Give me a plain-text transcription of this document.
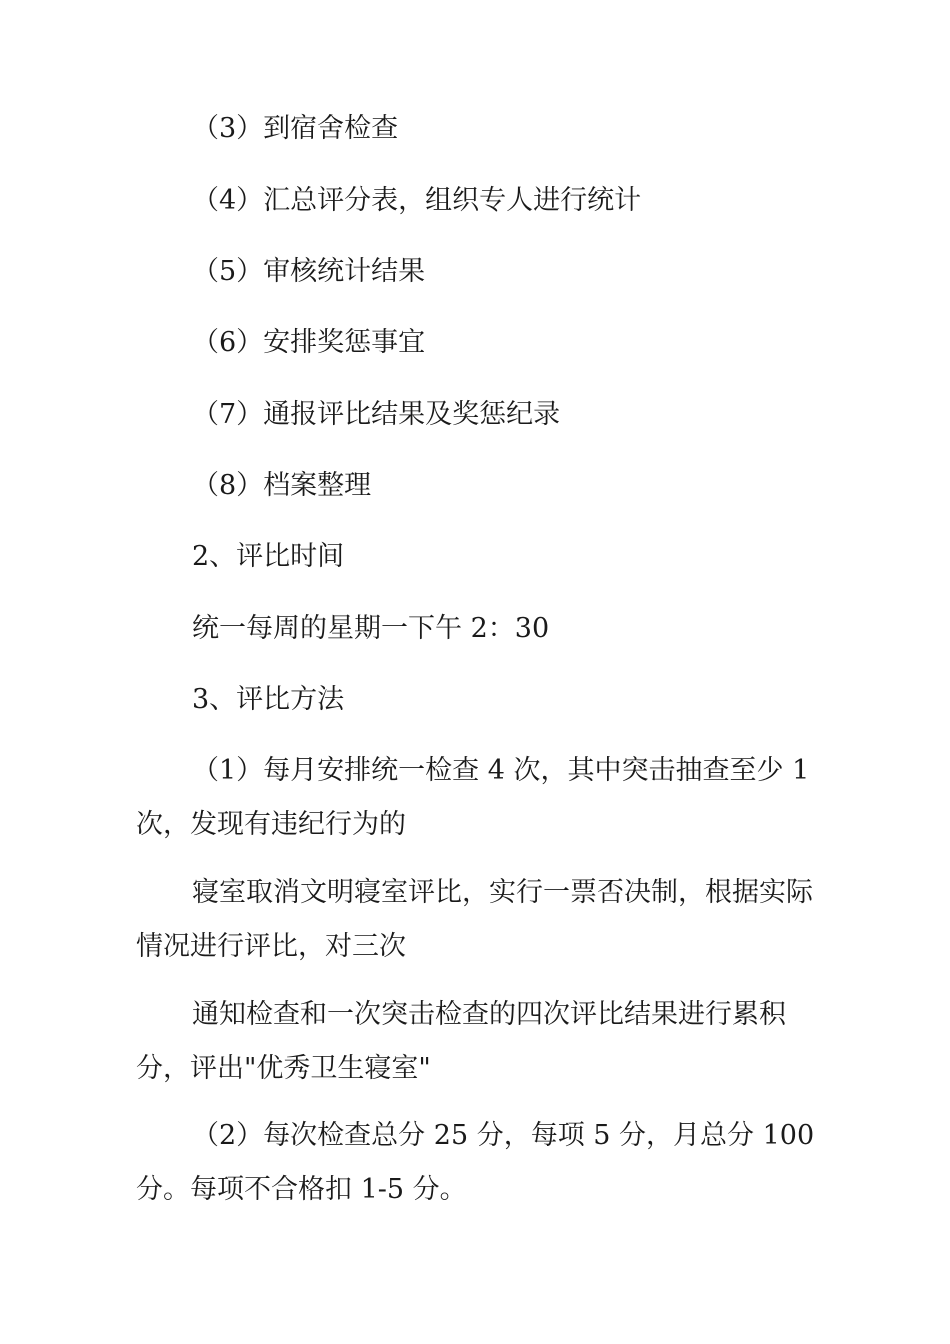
（3）到宿舍检查

（4）汇总评分表，组织专人进行统计

（5）审核统计结果

（6）安排奖惩事宜

（7）通报评比结果及奖惩纪录

（8）档案整理

2、评比时间

统一每周的星期一下午 2：30

3、评比方法

（1）每月安排统一检查 4 次，其中突击抽查至少 1 次，发现有违纪行为的

寝室取消文明寝室评比，实行一票否决制，根据实际情况进行评比，对三次

通知检查和一次突击检查的四次评比结果进行累积分，评出"优秀卫生寝室"

（2）每次检查总分 25 分，每项 5 分，月总分 100 分。每项不合格扣 1-5 分。
